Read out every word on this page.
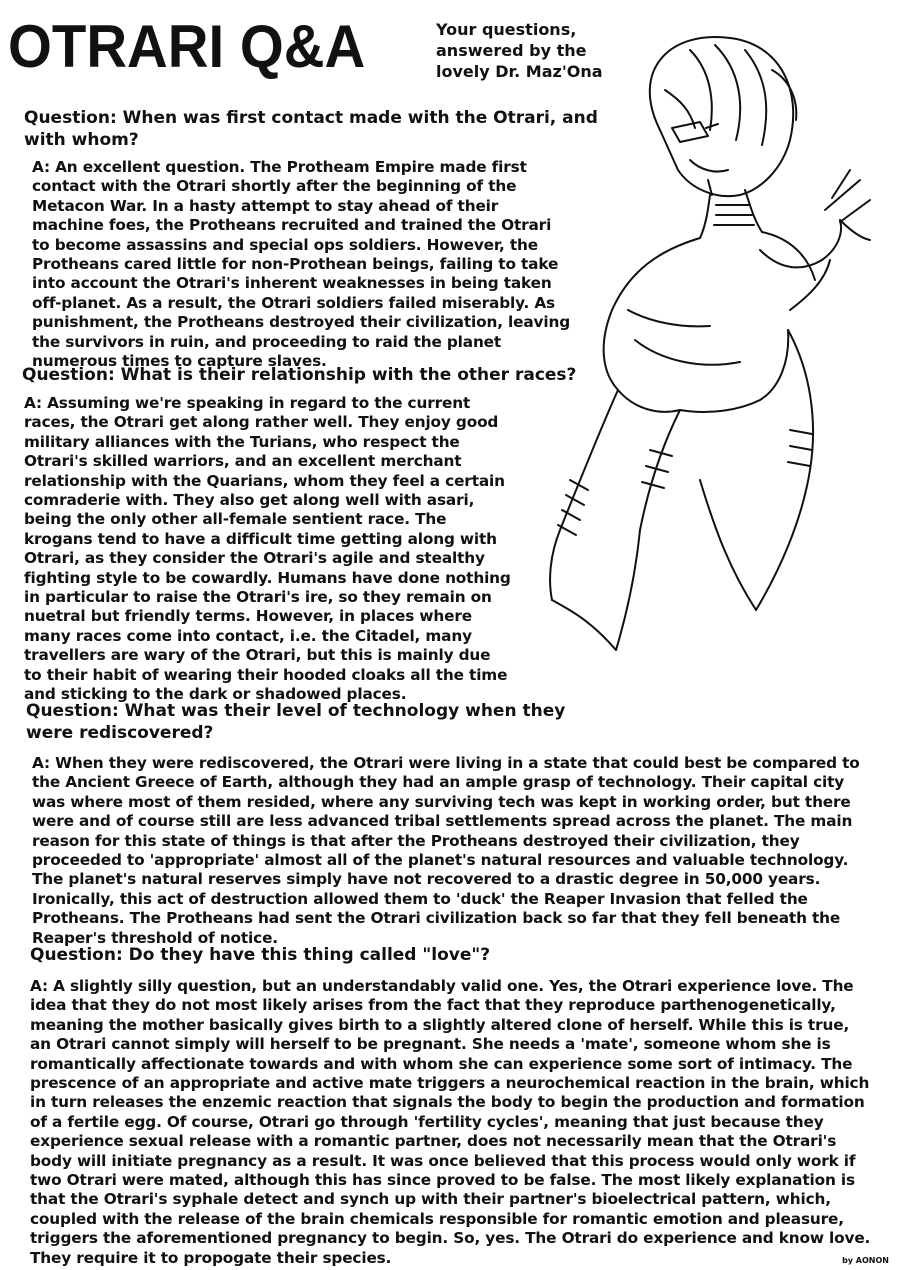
OTRARI Q&A	Your questions, answered by the lovely Dr. Maz'Ona
Question: When was first contact made with the Otrari, and with whom?
A: An excellent question. The Protheam Empire made first contact with the Otrari shortly after the beginning of the Metacon War. In a hasty attempt to stay ahead of their machine foes, the Protheans recruited and trained the Otrari to become assassins and special ops soldiers. However, the Protheans cared little for non-Prothean beings, failing to take into account the Otrari's inherent weaknesses in being taken off-planet. As a result, the Otrari soldiers failed miserably. As punishment, the Protheans destroyed their civilization, leaving the survivors in ruin, and proceeding to raid the planet numerous times to capture slaves.
Question: What is their relationship with the other races?
A: Assuming we're speaking in regard to the current races, the Otrari get along rather well. They enjoy good military alliances with the Turians, who respect the Otrari's skilled warriors, and an excellent merchant relationship with the Quarians, whom they feel a certain comraderie with. They also get along well with asari, being the only other all-female sentient race. The krogans tend to have a difficult time getting along with Otrari, as they consider the Otrari's agile and stealthy fighting style to be cowardly. Humans have done nothing in particular to raise the Otrari's ire, so they remain on nuetral but friendly terms. However, in places where many races come into contact, i.e. the Citadel, many travellers are wary of the Otrari, but this is mainly due to their habit of wearing their hooded cloaks all the time and sticking to the dark or shadowed places.
Question: What was their level of technology when they were rediscovered?
A: When they were rediscovered, the Otrari were living in a state that could best be compared to the Ancient Greece of Earth, although they had an ample grasp of technology. Their capital city was where most of them resided, where any surviving tech was kept in working order, but there were and of course still are less advanced tribal settlements spread across the planet. The main reason for this state of things is that after the Protheans destroyed their civilization, they proceeded to 'appropriate' almost all of the planet's natural resources and valuable technology. The planet's natural reserves simply have not recovered to a drastic degree in 50,000 years. Ironically, this act of destruction allowed them to 'duck' the Reaper Invasion that felled the Protheans. The Protheans had sent the Otrari civilization back so far that they fell beneath the Reaper's threshold of notice.
Question: Do they have this thing called "love"?
A: A slightly silly question, but an understandably valid one. Yes, the Otrari experience love. The idea that they do not most likely arises from the fact that they reproduce parthenogenetically, meaning the mother basically gives birth to a slightly altered clone of herself. While this is true, an Otrari cannot simply will herself to be pregnant. She needs a 'mate', someone whom she is romantically affectionate towards and with whom she can experience some sort of intimacy. The prescence of an appropriate and active mate triggers a neurochemical reaction in the brain, which in turn releases the enzemic reaction that signals the body to begin the production and formation of a fertile egg. Of course, Otrari go through 'fertility cycles', meaning that just because they experience sexual release with a romantic partner, does not necessarily mean that the Otrari's body will initiate pregnancy as a result. It was once believed that this process would only work if two Otrari were mated, although this has since proved to be false. The most likely explanation is that the Otrari's syphale detect and synch up with their partner's bioelectrical pattern, which, coupled with the release of the brain chemicals responsible for romantic emotion and pleasure, triggers the aforementioned pregnancy to begin. So, yes. The Otrari do experience and know love. They require it to propogate their species.	by AONON
